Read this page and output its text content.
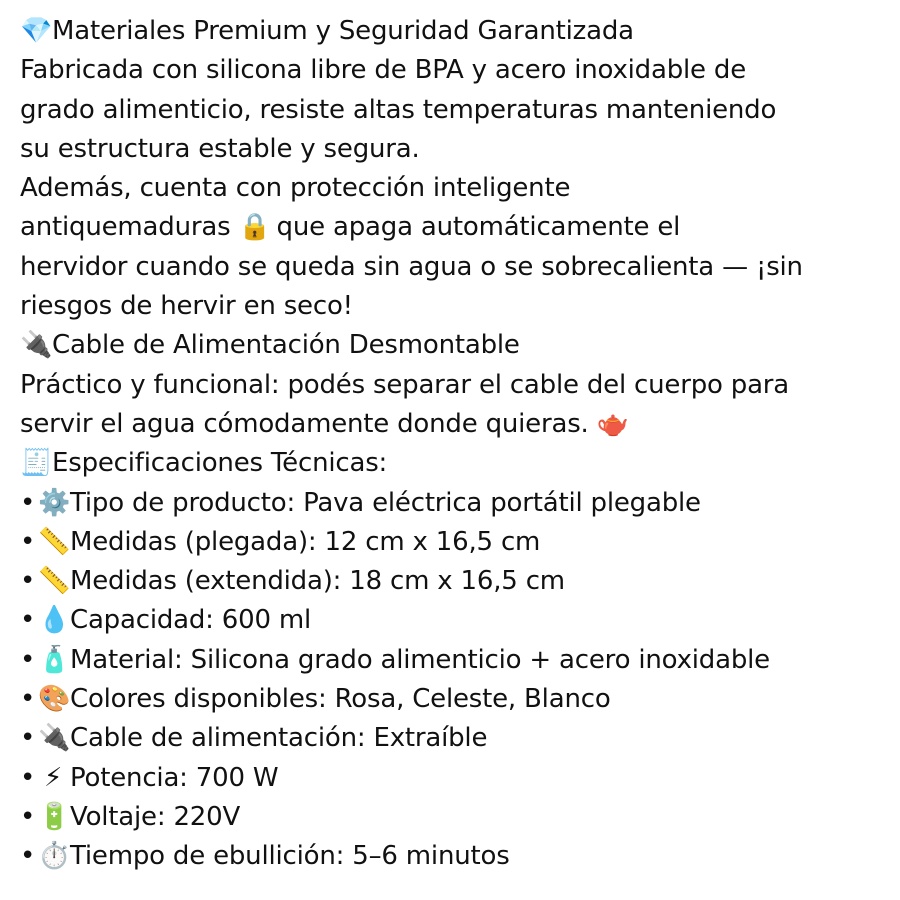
💎Materiales Premium y Seguridad Garantizada
Fabricada con silicona libre de BPA y acero inoxidable de
grado alimenticio, resiste altas temperaturas manteniendo
su estructura estable y segura.
Además, cuenta con protección inteligente
antiquemaduras 🔒 que apaga automáticamente el
hervidor cuando se queda sin agua o se sobrecalienta — ¡sin
riesgos de hervir en seco!
🔌Cable de Alimentación Desmontable
Práctico y funcional: podés separar el cable del cuerpo para
servir el agua cómodamente donde quieras. 🫖
🧾Especificaciones Técnicas:
• ⚙️Tipo de producto: Pava eléctrica portátil plegable
• 📏Medidas (plegada): 12 cm x 16,5 cm
• 📏Medidas (extendida): 18 cm x 16,5 cm
• 💧Capacidad: 600 ml
• 🧴Material: Silicona grado alimenticio + acero inoxidable
• 🎨Colores disponibles: Rosa, Celeste, Blanco
• 🔌Cable de alimentación: Extraíble
• ⚡ Potencia: 700 W
• 🔋Voltaje: 220V
• ⏱️Tiempo de ebullición: 5–6 minutos
